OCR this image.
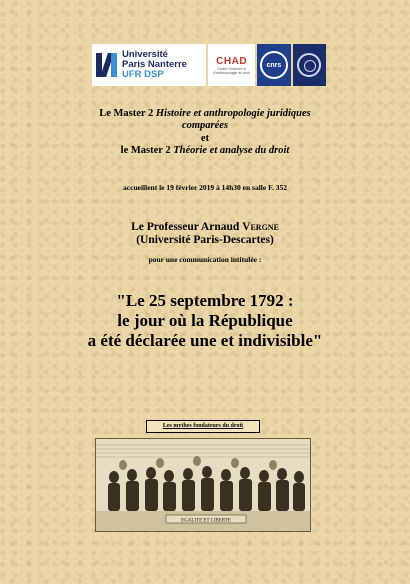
Université
Paris Nanterre
UFR DSP
CHAD
Centre d'histoire et d'anthropologie du droit
cnrs
Le Master 2 Histoire et anthropologie juridiques
comparées
et
le Master 2 Théorie et analyse du droit
accueillent le 19 février 2019 à 14h30 en salle F. 352
Le Professeur Arnaud Vergne
(Université Paris-Descartes)
pour une communication intitulée :
"Le 25 septembre 1792 :
le jour où la République
a été déclarée une et indivisible"
Les mythes fondateurs du droit
EGALITE ET LIBERTE
